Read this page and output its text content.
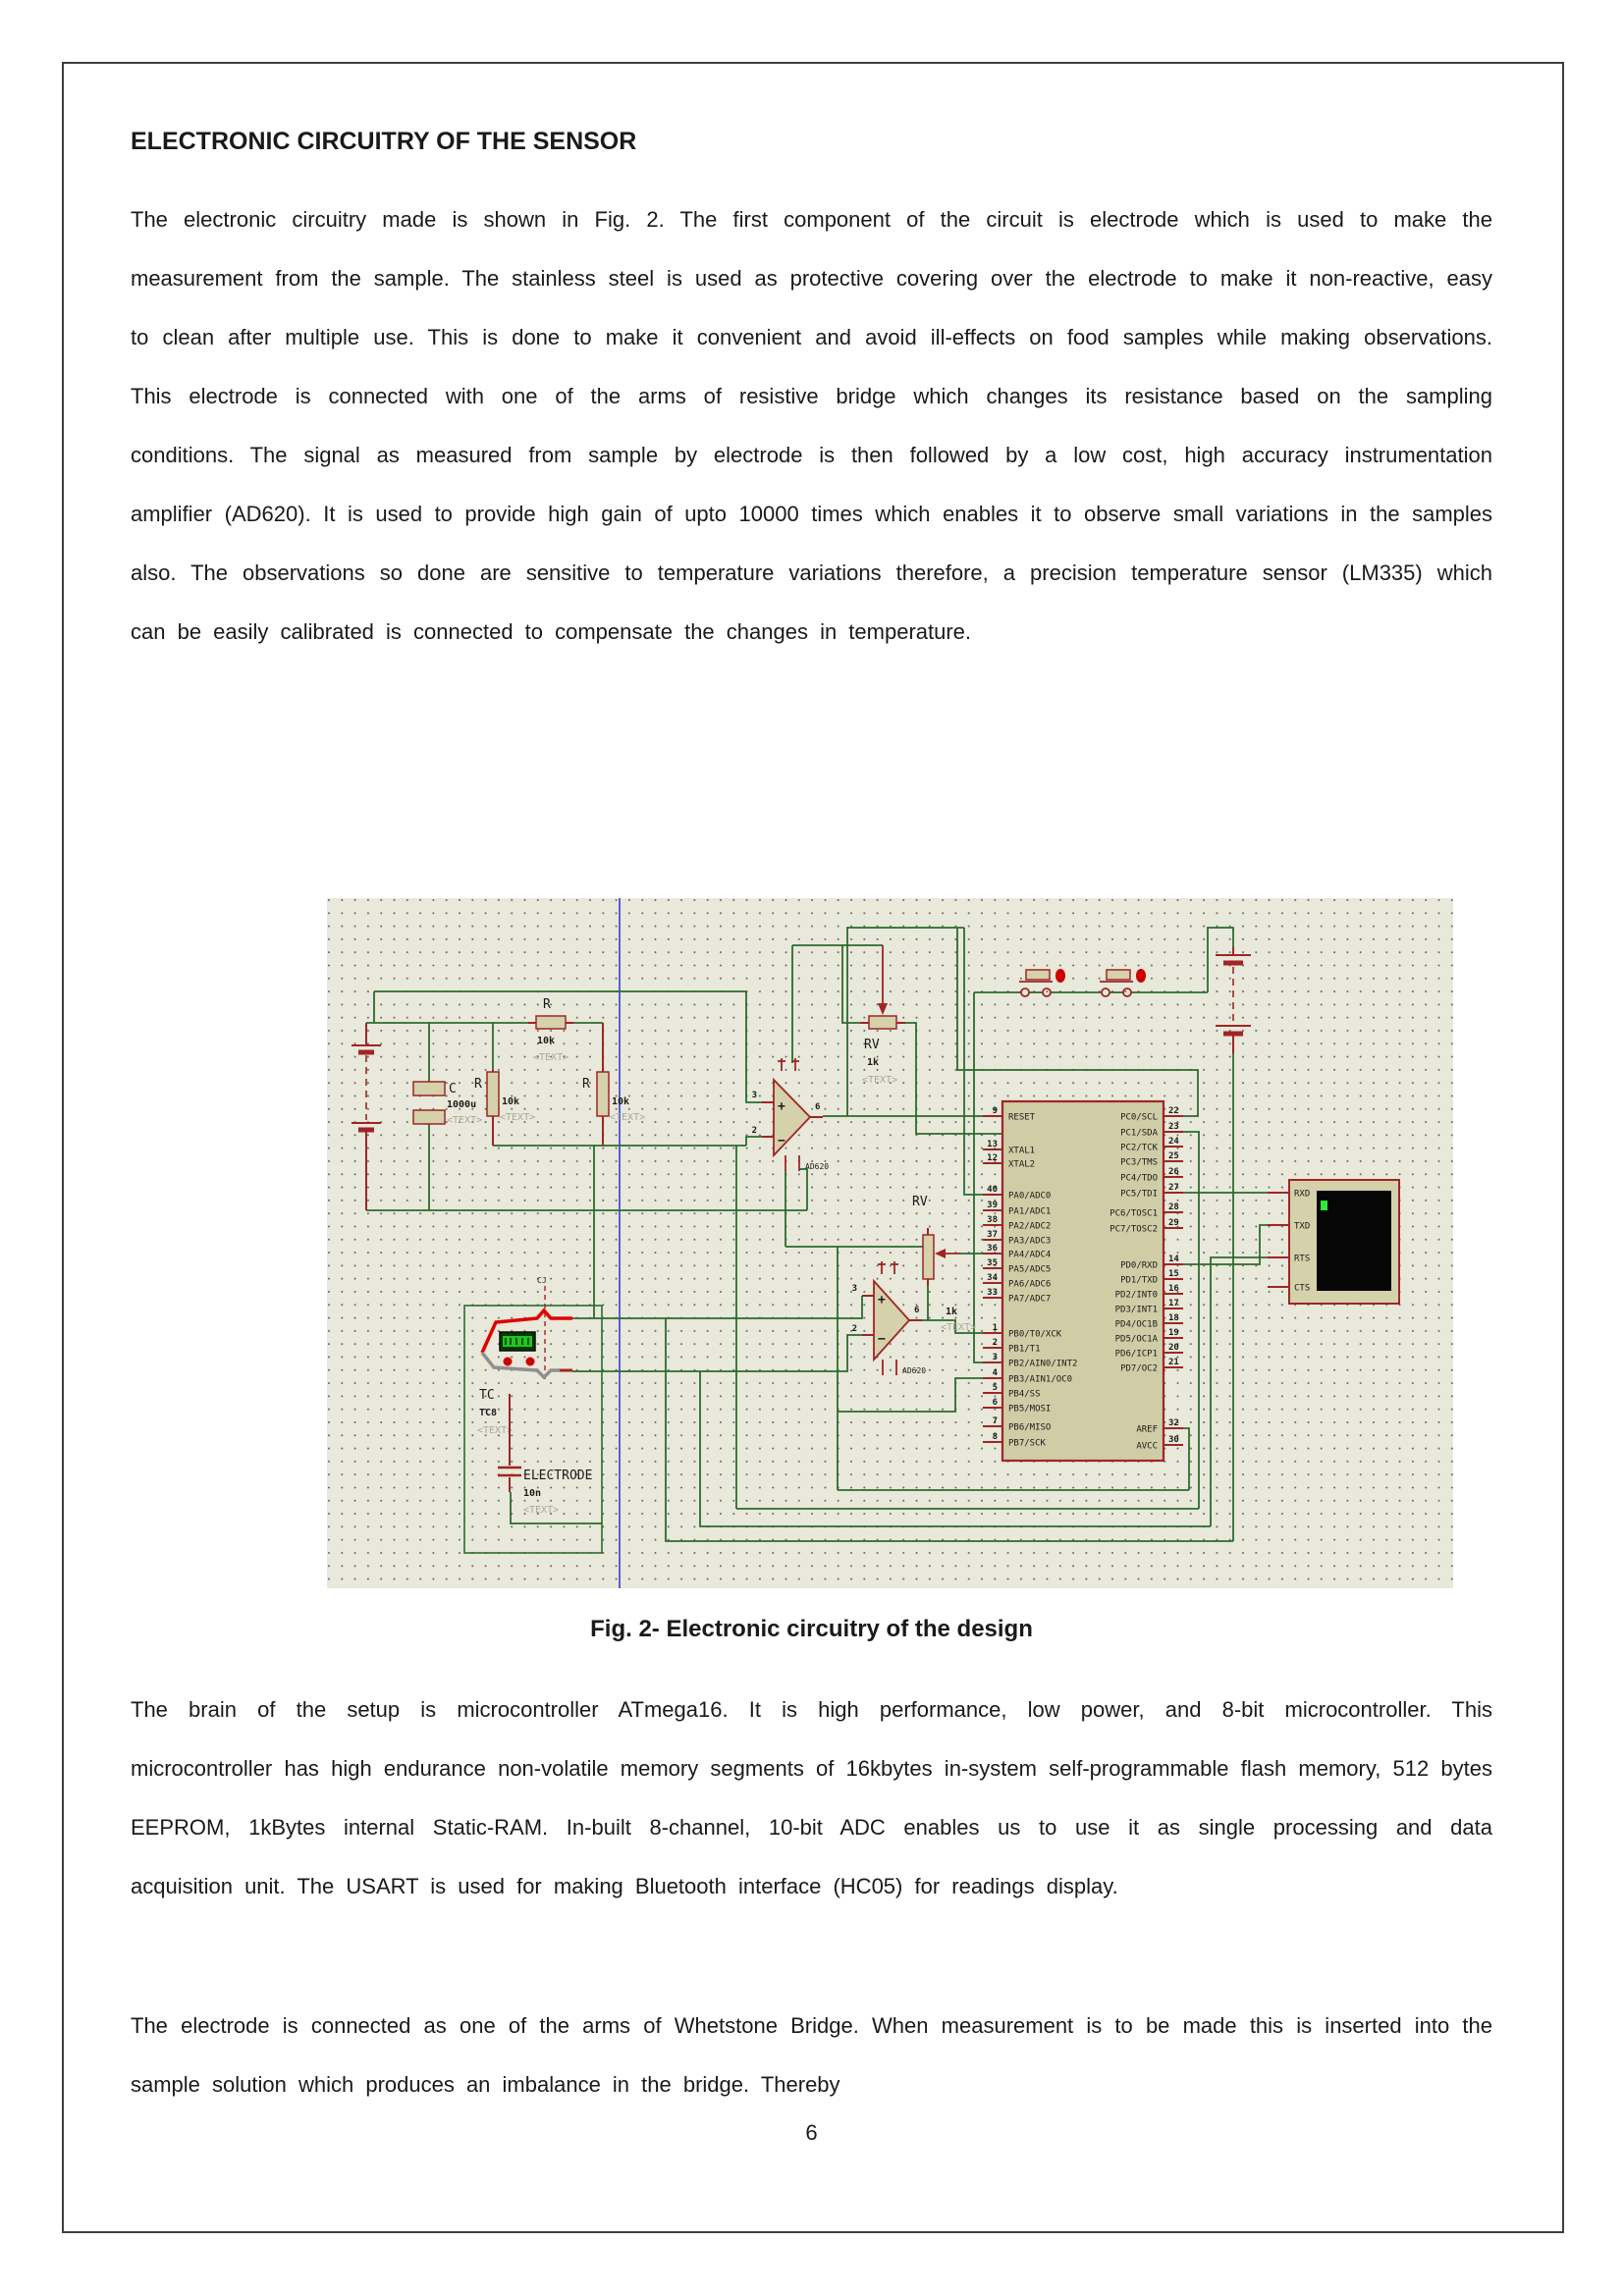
ELECTRONIC CIRCUITRY OF THE SENSOR
The electronic circuitry made is shown in Fig. 2. The first component of the circuit is electrode which is used to make the measurement from the sample. The stainless steel is used as protective covering over the electrode to make it non-reactive, easy to clean after multiple use. This is done to make it convenient and avoid ill-effects on food samples while making observations. This electrode is connected with one of the arms of resistive bridge which changes its resistance based on the sampling conditions. The signal as measured from sample by electrode is then followed by a low cost, high accuracy instrumentation amplifier (AD620). It is used to provide high gain of upto 10000 times which enables it to observe small variations in the samples also. The observations so done are sensitive to temperature variations therefore, a precision temperature sensor (LM335) which can be easily calibrated is connected to compensate the changes in temperature.
C
1000u
<TEXT>
R
10k
<TEXT>
R
10k
<TEXT>
R
10k
<TEXT>
RV
1k
<TEXT>
RV
1k
<TEXT>
+
−
3
2
6
AD620
+
−
3
2
6
AD620
CJ
TC
TC8
<TEXT>
ELECTRODE
10n
<TEXT>
9
RESET
13
XTAL1
12
XTAL2
40
PA0/ADC0
39
PA1/ADC1
38
PA2/ADC2
37
PA3/ADC3
36
PA4/ADC4
35
PA5/ADC5
34
PA6/ADC6
33
PA7/ADC7
1
PB0/T0/XCK
2
PB1/T1
3
PB2/AIN0/INT2
4
PB3/AIN1/OC0
5
PB4/SS
6
PB5/MOSI
7
PB6/MISO
8
PB7/SCK
22
PC0/SCL
23
PC1/SDA
24
PC2/TCK
25
PC3/TMS
26
PC4/TDO
27
PC5/TDI
28
PC6/TOSC1
29
PC7/TOSC2
14
PD0/RXD
15
PD1/TXD
16
PD2/INT0
17
PD3/INT1
18
PD4/OC1B
19
PD5/OC1A
20
PD6/ICP1
21
PD7/OC2
32
AREF
30
AVCC
RXD
TXD
RTS
CTS
Fig. 2- Electronic circuitry of the design
The brain of the setup is microcontroller ATmega16. It is high performance, low power, and 8-bit microcontroller. This microcontroller has high endurance non-volatile memory segments of 16kbytes in-system self-programmable flash memory, 512 bytes EEPROM, 1kBytes internal Static-RAM. In-built 8-channel, 10-bit ADC enables us to use it as single processing and data acquisition unit. The USART is used for making Bluetooth interface (HC05) for readings display.
The electrode is connected as one of the arms of Whetstone Bridge. When measurement is to be made this is inserted into the sample solution which produces an imbalance in the bridge. Thereby
6
